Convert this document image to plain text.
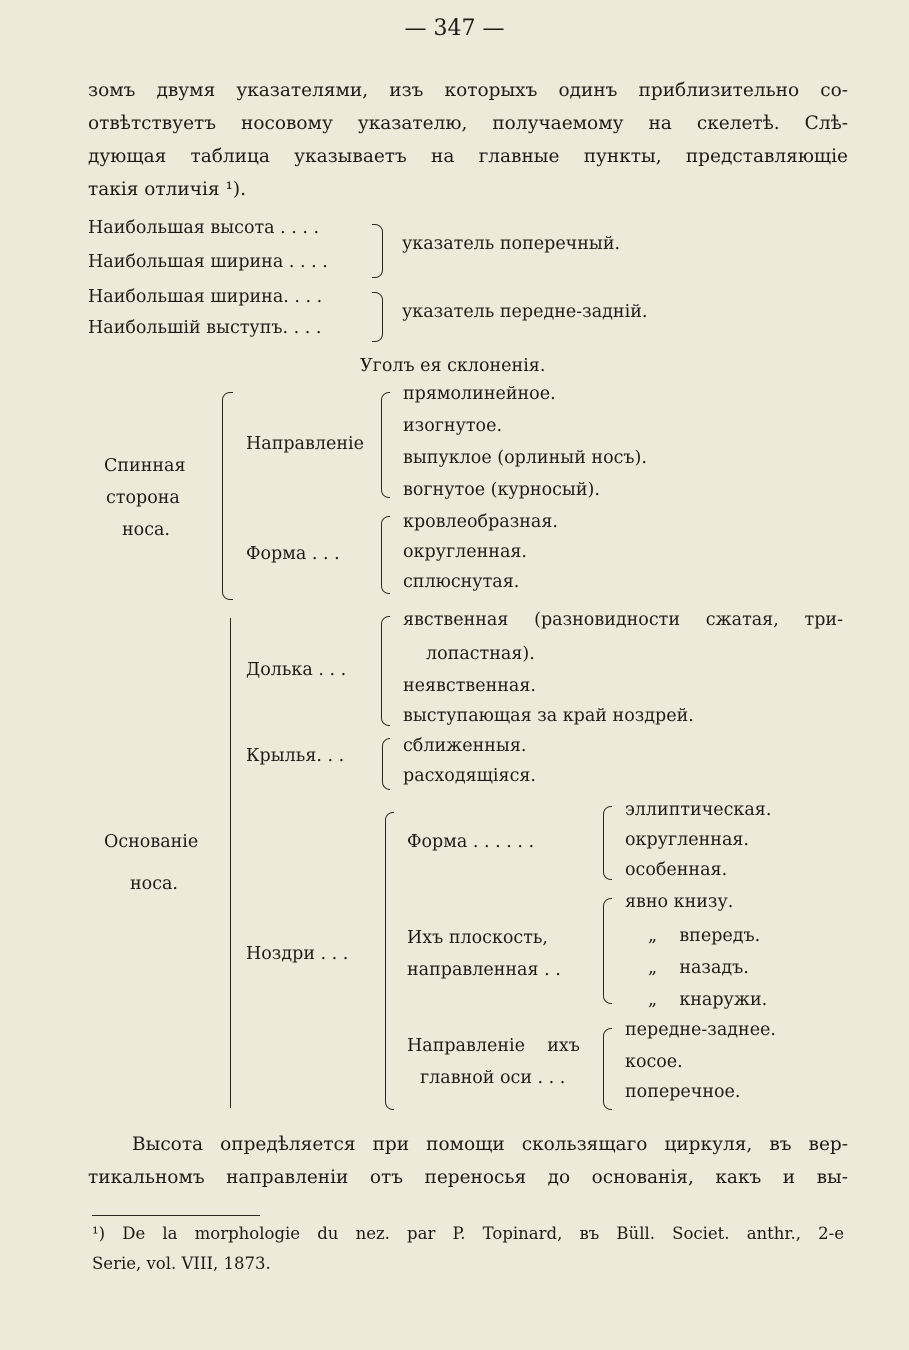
— 347 —
зомъ двумя указателями, изъ которыхъ одинъ приблизительно со-
отвѣтствуетъ носовому указателю, получаемому на скелетѣ. Слѣ-
дующая таблица указываетъ на главные пункты, представляющіе
такія отличія ¹).
Наибольшая высота . . . .
Наибольшая ширина . . . .
указатель поперечный.
Наибольшая ширина. . . .
Наибольшій выступъ. . . .
указатель передне-задній.
Уголъ ея склоненія.
Спинная
сторона
носа.
Направленіе
прямолинейное.
изогнутое.
выпуклое (орлиный носъ).
вогнутое (курносый).
Форма . . .
кровлеобразная.
округленная.
сплюснутая.
Основаніе
носа.
Долька . . .
явственная (разновидности сжатая, три-
лопастная).
неявственная.
выступающая за край ноздрей.
Крылья. . .	сближенныя.
расходящіяся.
Ноздри . . .
Форма . . . . . .
эллиптическая.
округленная.
особенная.
Ихъ плоскость,
направленная . .
явно книзу.
„    впередъ.
„    назадъ.
„    кнаружи.
Направленіе    ихъ
главной оси . . .
передне-заднее.
косое.
поперечное.
Высота опредѣляется при помощи скользящаго циркуля, въ вер-
тикальномъ направленіи отъ переносья до основанія, какъ и вы-
¹) De la morphologie du nez. par P. Topinard, въ Büll. Societ. anthr., 2-e
Serie, vol. VIII, 1873.
